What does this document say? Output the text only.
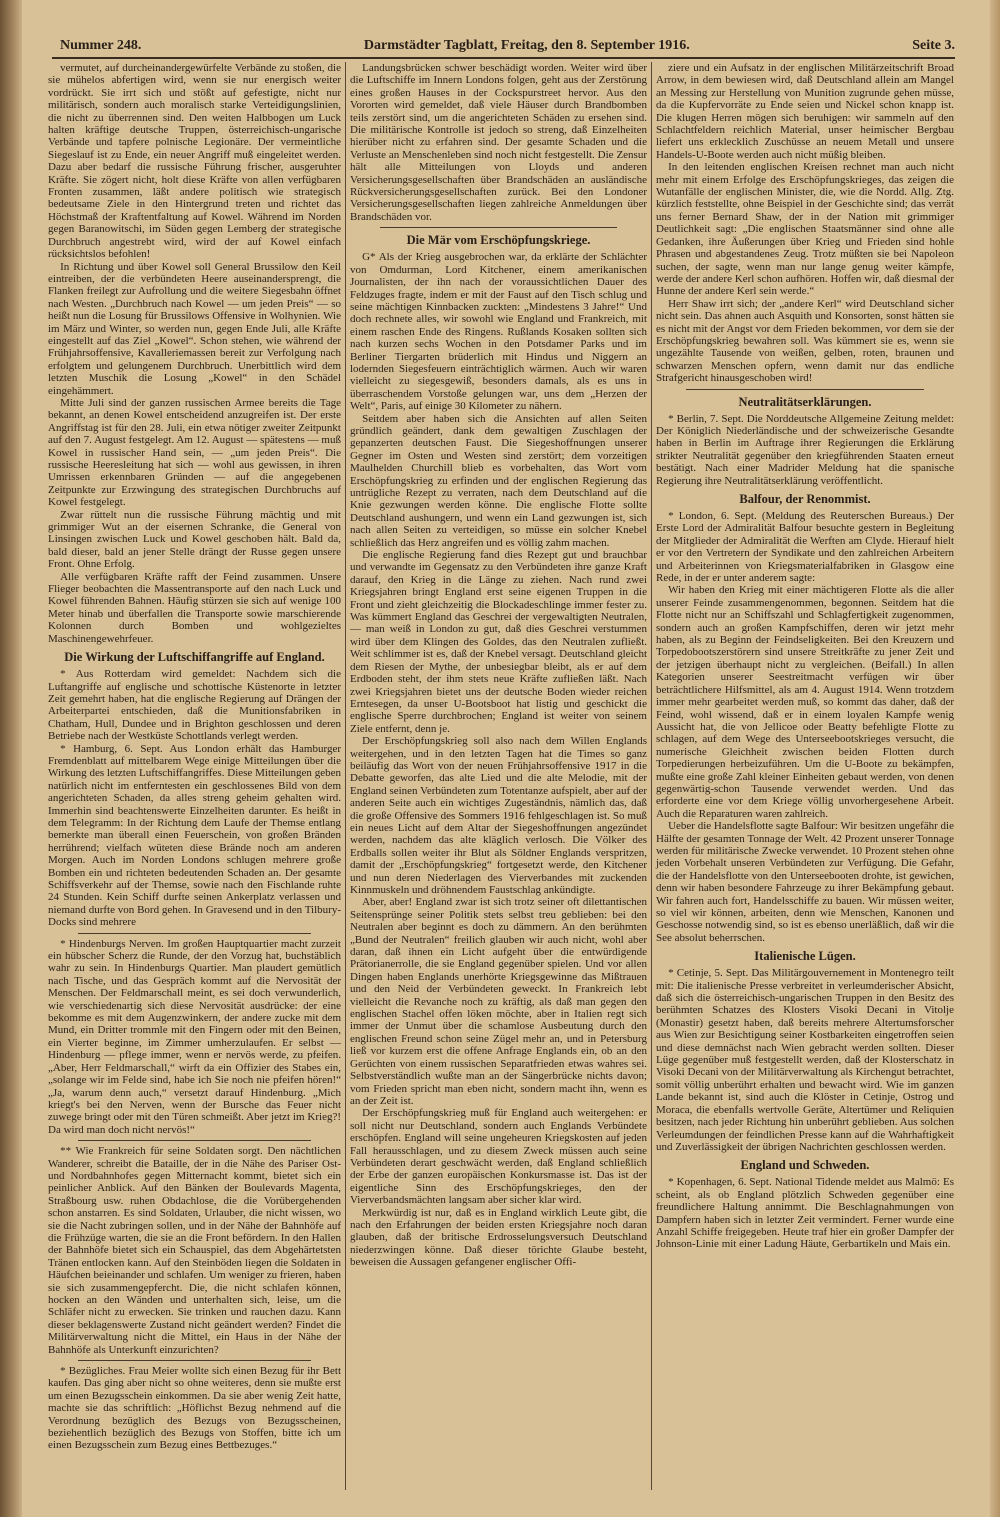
Nummer 248.	Darmstädter Tagblatt, Freitag, den 8. September 1916.	Seite 3.

vermutet, auf durcheinandergewürfelte Verbände zu stoßen, die sie mühelos abfertigen wird, wenn sie nur energisch weiter vordrückt. Sie irrt sich und stößt auf gefestigte, nicht nur militärisch, sondern auch moralisch starke Verteidigungslinien, die nicht zu überrennen sind. Den weiten Halbbogen um Luck halten kräftige deutsche Truppen, österreichisch-ungarische Verbände und tapfere polnische Legionäre. Der vermeintliche Siegeslauf ist zu Ende, ein neuer Angriff muß eingeleitet werden. Dazu aber bedarf die russische Führung frischer, ausgeruhter Kräfte. Sie zögert nicht, holt diese Kräfte von allen verfügbaren Fronten zusammen, läßt andere politisch wie strategisch bedeutsame Ziele in den Hintergrund treten und richtet das Höchstmaß der Kraftentfaltung auf Kowel. Während im Norden gegen Baranowitschi, im Süden gegen Lemberg der strategische Durchbruch angestrebt wird, wird der auf Kowel einfach rücksichtslos befohlen!

In Richtung und über Kowel soll General Brussilow den Keil eintreiben, der die verbündeten Heere auseinandersprengt, die Flanken freilegt zur Aufrollung und die weitere Siegesbahn öffnet nach Westen. „Durchbruch nach Kowel — um jeden Preis“ — so heißt nun die Losung für Brussilows Offensive in Wolhynien. Wie im März und Winter, so werden nun, gegen Ende Juli, alle Kräfte eingestellt auf das Ziel „Kowel“. Schon stehen, wie während der Frühjahrsoffensive, Kavalleriemassen bereit zur Verfolgung nach erfolgtem und gelungenem Durchbruch. Unerbittlich wird dem letzten Muschik die Losung „Kowel“ in den Schädel eingehämmert.

Mitte Juli sind der ganzen russischen Armee bereits die Tage bekannt, an denen Kowel entscheidend anzugreifen ist. Der erste Angriffstag ist für den 28. Juli, ein etwa nötiger zweiter Zeitpunkt auf den 7. August festgelegt. Am 12. August — spätestens — muß Kowel in russischer Hand sein, — „um jeden Preis“. Die russische Heeresleitung hat sich — wohl aus gewissen, in ihren Umrissen erkennbaren Gründen — auf die angegebenen Zeitpunkte zur Erzwingung des strategischen Durchbruchs auf Kowel festgelegt.

Zwar rüttelt nun die russische Führung mächtig und mit grimmiger Wut an der eisernen Schranke, die General von Linsingen zwischen Luck und Kowel geschoben hält. Bald da, bald dieser, bald an jener Stelle drängt der Russe gegen unsere Front. Ohne Erfolg.

Alle verfügbaren Kräfte rafft der Feind zusammen. Unsere Flieger beobachten die Massentransporte auf den nach Luck und Kowel führenden Bahnen. Häufig stürzen sie sich auf wenige 100 Meter hinab und überfallen die Transporte sowie marschierende Kolonnen durch Bomben und wohlgezieltes Maschinengewehrfeuer.

Die Wirkung der Luftschiffangriffe auf England.

* Aus Rotterdam wird gemeldet: Nachdem sich die Luftangriffe auf englische und schottische Küstenorte in letzter Zeit gemehrt haben, hat die englische Regierung auf Drängen der Arbeiterpartei entschieden, daß die Munitionsfabriken in Chatham, Hull, Dundee und in Brighton geschlossen und deren Betriebe nach der Westküste Schottlands verlegt werden.

* Hamburg, 6. Sept. Aus London erhält das Hamburger Fremdenblatt auf mittelbarem Wege einige Mitteilungen über die Wirkung des letzten Luftschiffangriffes. Diese Mitteilungen geben natürlich nicht im entferntesten ein geschlossenes Bild von dem angerichteten Schaden, da alles streng geheim gehalten wird. Immerhin sind beachtenswerte Einzelheiten darunter. Es heißt in dem Telegramm: In der Richtung dem Laufe der Themse entlang bemerkte man überall einen Feuerschein, von großen Bränden herrührend; vielfach wüteten diese Brände noch am anderen Morgen. Auch im Norden Londons schlugen mehrere große Bomben ein und richteten bedeutenden Schaden an. Der gesamte Schiffsverkehr auf der Themse, sowie nach den Fischlande ruhte 24 Stunden. Kein Schiff durfte seinen Ankerplatz verlassen und niemand durfte von Bord gehen. In Gravesend und in den Tilbury-Docks sind mehrere

* Hindenburgs Nerven. Im großen Hauptquartier macht zurzeit ein hübscher Scherz die Runde, der den Vorzug hat, buchstäblich wahr zu sein. In Hindenburgs Quartier. Man plaudert gemütlich nach Tische, und das Gespräch kommt auf die Nervosität der Menschen. Der Feldmarschall meint, es sei doch verwunderlich, wie verschiedenartig sich diese Nervosität ausdrücke: der eine bekomme es mit dem Augenzwinkern, der andere zucke mit dem Mund, ein Dritter trommle mit den Fingern oder mit den Beinen, ein Vierter beginne, im Zimmer umherzulaufen. Er selbst — Hindenburg — pflege immer, wenn er nervös werde, zu pfeifen. „Aber, Herr Feldmarschall,“ wirft da ein Offizier des Stabes ein, „solange wir im Felde sind, habe ich Sie noch nie pfeifen hören!“ „Ja, warum denn auch,“ versetzt darauf Hindenburg. „Mich kriegt's bei den Nerven, wenn der Bursche das Feuer nicht zuwege bringt oder mit den Türen schmeißt. Aber jetzt im Krieg?! Da wird man doch nicht nervös!“

** Wie Frankreich für seine Soldaten sorgt. Den nächtlichen Wanderer, schreibt die Bataille, der in die Nähe des Pariser Ost- und Nordbahnhofes gegen Mitternacht kommt, bietet sich ein peinlicher Anblick. Auf den Bänken der Boulevards Magenta, Straßbourg usw. ruhen Obdachlose, die die Vorübergehenden schon anstarren. Es sind Soldaten, Urlauber, die nicht wissen, wo sie die Nacht zubringen sollen, und in der Nähe der Bahnhöfe auf die Frühzüge warten, die sie an die Front befördern. In den Hallen der Bahnhöfe bietet sich ein Schauspiel, das dem Abgehärtetsten Tränen entlocken kann. Auf den Steinböden liegen die Soldaten in Häufchen beieinander und schlafen. Um weniger zu frieren, haben sie sich zusammengepfercht. Die, die nicht schlafen können, hocken an den Wänden und unterhalten sich, leise, um die Schläfer nicht zu erwecken. Sie trinken und rauchen dazu. Kann dieser beklagenswerte Zustand nicht geändert werden? Findet die Militärverwaltung nicht die Mittel, ein Haus in der Nähe der Bahnhöfe als Unterkunft einzurichten?

* Bezügliches. Frau Meier wollte sich einen Bezug für ihr Bett kaufen. Das ging aber nicht so ohne weiteres, denn sie mußte erst um einen Bezugsschein einkommen. Da sie aber wenig Zeit hatte, machte sie das schriftlich: „Höflichst Bezug nehmend auf die Verordnung bezüglich des Bezugs von Bezugsscheinen, beziehentlich bezüglich des Bezugs von Stoffen, bitte ich um einen Bezugsschein zum Bezug eines Bettbezuges.“

Landungsbrücken schwer beschädigt worden. Weiter wird über die Luftschiffe im Innern Londons folgen, geht aus der Zerstörung eines großen Hauses in der Cockspurstreet hervor. Aus den Vororten wird gemeldet, daß viele Häuser durch Brandbomben teils zerstört sind, um die angerichteten Schäden zu ersehen sind. Die militärische Kontrolle ist jedoch so streng, daß Einzelheiten hierüber nicht zu erfahren sind. Der gesamte Schaden und die Verluste an Menschenleben sind noch nicht festgestellt. Die Zensur hält alle Mitteilungen von Lloyds und anderen Versicherungsgesellschaften über Brandschäden an ausländische Rückversicherungsgesellschaften zurück. Bei den Londoner Versicherungsgesellschaften liegen zahlreiche Anmeldungen über Brandschäden vor.

Die Mär vom Erschöpfungskriege.

G* Als der Krieg ausgebrochen war, da erklärte der Schlächter von Omdurman, Lord Kitchener, einem amerikanischen Journalisten, der ihn nach der voraussichtlichen Dauer des Feldzuges fragte, indem er mit der Faust auf den Tisch schlug und seine mächtigen Kinnbacken zuckten: „Mindestens 3 Jahre!“ Und doch rechnete alles, wir sowohl wie England und Frankreich, mit einem raschen Ende des Ringens. Rußlands Kosaken sollten sich nach kurzen sechs Wochen in den Potsdamer Parks und im Berliner Tiergarten brüderlich mit Hindus und Niggern an lodernden Siegesfeuern einträchtiglich wärmen. Auch wir waren vielleicht zu siegesgewiß, besonders damals, als es uns in überraschendem Vorstoße gelungen war, uns dem „Herzen der Welt“, Paris, auf einige 30 Kilometer zu nähern.

Seitdem aber haben sich die Ansichten auf allen Seiten gründlich geändert, dank dem gewaltigen Zuschlagen der gepanzerten deutschen Faust. Die Siegeshoffnungen unserer Gegner im Osten und Westen sind zerstört; dem vorzeitigen Maulhelden Churchill blieb es vorbehalten, das Wort vom Erschöpfungskrieg zu erfinden und der englischen Regierung das untrügliche Rezept zu verraten, nach dem Deutschland auf die Knie gezwungen werden könne. Die englische Flotte sollte Deutschland aushungern, und wenn ein Land gezwungen ist, sich nach allen Seiten zu verteidigen, so müsse ein solcher Knebel schließlich das Herz angreifen und es völlig zahm machen.

Die englische Regierung fand dies Rezept gut und brauchbar und verwandte im Gegensatz zu den Verbündeten ihre ganze Kraft darauf, den Krieg in die Länge zu ziehen. Nach rund zwei Kriegsjahren bringt England erst seine eigenen Truppen in die Front und zieht gleichzeitig die Blockadeschlinge immer fester zu. Was kümmert England das Geschrei der vergewaltigten Neutralen, — man weiß in London zu gut, daß dies Geschrei verstummen wird über dem Klingen des Goldes, das den Neutralen zufließt. Weit schlimmer ist es, daß der Knebel versagt. Deutschland gleicht dem Riesen der Mythe, der unbesiegbar bleibt, als er auf dem Erdboden steht, der ihm stets neue Kräfte zufließen läßt. Nach zwei Kriegsjahren bietet uns der deutsche Boden wieder reichen Erntesegen, da unser U-Bootsboot hat listig und geschickt die englische Sperre durchbrochen; England ist weiter von seinem Ziele entfernt, denn je.

Der Erschöpfungskrieg soll also nach dem Willen Englands weitergehen, und in den letzten Tagen hat die Times so ganz beiläufig das Wort von der neuen Frühjahrsoffensive 1917 in die Debatte geworfen, das alte Lied und die alte Melodie, mit der England seinen Verbündeten zum Totentanze aufspielt, aber auf der anderen Seite auch ein wichtiges Zugeständnis, nämlich das, daß die große Offensive des Sommers 1916 fehlgeschlagen ist. So muß ein neues Licht auf dem Altar der Siegeshoffnungen angezündet werden, nachdem das alte kläglich verlosch. Die Völker des Erdballs sollen weiter ihr Blut als Söldner Englands verspritzen, damit der „Erschöpfungskrieg“ fortgesetzt werde, den Kitchener und nun deren Niederlagen des Vierverbandes mit zuckenden Kinnmuskeln und dröhnendem Faustschlag ankündigte.

Aber, aber! England zwar ist sich trotz seiner oft dilettantischen Seitensprünge seiner Politik stets selbst treu geblieben: bei den Neutralen aber beginnt es doch zu dämmern. An den berühmten „Bund der Neutralen“ freilich glauben wir auch nicht, wohl aber daran, daß ihnen ein Licht aufgeht über die entwürdigende Prätorianerrolle, die sie England gegenüber spielen. Und vor allen Dingen haben Englands unerhörte Kriegsgewinne das Mißtrauen und den Neid der Verbündeten geweckt. In Frankreich lebt vielleicht die Revanche noch zu kräftig, als daß man gegen den englischen Stachel offen löken möchte, aber in Italien regt sich immer der Unmut über die schamlose Ausbeutung durch den englischen Freund schon seine Zügel mehr an, und in Petersburg ließ vor kurzem erst die offene Anfrage Englands ein, ob an den Gerüchten von einem russischen Separatfrieden etwas wahres sei. Selbstverständlich wußte man an der Sängerbrücke nichts davon; vom Frieden spricht man eben nicht, sondern macht ihn, wenn es an der Zeit ist.

Der Erschöpfungskrieg muß für England auch weitergehen: er soll nicht nur Deutschland, sondern auch Englands Verbündete erschöpfen. England will seine ungeheuren Kriegskosten auf jeden Fall herausschlagen, und zu diesem Zweck müssen auch seine Verbündeten derart geschwächt werden, daß England schließlich der Erbe der ganzen europäischen Konkursmasse ist. Das ist der eigentliche Sinn des Erschöpfungskrieges, den der Vierverbandsmächten langsam aber sicher klar wird.

Merkwürdig ist nur, daß es in England wirklich Leute gibt, die nach den Erfahrungen der beiden ersten Kriegsjahre noch daran glauben, daß der britische Erdrosselungsversuch Deutschland niederzwingen könne. Daß dieser törichte Glaube besteht, beweisen die Aussagen gefangener englischer Offi-

ziere und ein Aufsatz in der englischen Militärzeitschrift Broad Arrow, in dem bewiesen wird, daß Deutschland allein am Mangel an Messing zur Herstellung von Munition zugrunde gehen müsse, da die Kupfervorräte zu Ende seien und Nickel schon knapp ist. Die klugen Herren mögen sich beruhigen: wir sammeln auf den Schlachtfeldern reichlich Material, unser heimischer Bergbau liefert uns erklecklich Zuschüsse an neuem Metall und unsere Handels-U-Boote werden auch nicht müßig bleiben.

In den leitenden englischen Kreisen rechnet man auch nicht mehr mit einem Erfolge des Erschöpfungskrieges, das zeigen die Wutanfälle der englischen Minister, die, wie die Nordd. Allg. Ztg. kürzlich feststellte, ohne Beispiel in der Geschichte sind; das verrät uns ferner Bernard Shaw, der in der Nation mit grimmiger Deutlichkeit sagt: „Die englischen Staatsmänner sind ohne alle Gedanken, ihre Äußerungen über Krieg und Frieden sind hohle Phrasen und abgestandenes Zeug. Trotz müßten sie bei Napoleon suchen, der sagte, wenn man nur lange genug weiter kämpfe, werde der andere Kerl schon aufhören. Hoffen wir, daß diesmal der Hunne der andere Kerl sein werde.“

Herr Shaw irrt sich; der „andere Kerl“ wird Deutschland sicher nicht sein. Das ahnen auch Asquith und Konsorten, sonst hätten sie es nicht mit der Angst vor dem Frieden bekommen, vor dem sie der Erschöpfungskrieg bewahren soll. Was kümmert sie es, wenn sie ungezählte Tausende von weißen, gelben, roten, braunen und schwarzen Menschen opfern, wenn damit nur das endliche Strafgericht hinausgeschoben wird!

Neutralitätserklärungen.

* Berlin, 7. Sept. Die Norddeutsche Allgemeine Zeitung meldet: Der Königlich Niederländische und der schweizerische Gesandte haben in Berlin im Auftrage ihrer Regierungen die Erklärung strikter Neutralität gegenüber den kriegführenden Staaten erneut bestätigt. Nach einer Madrider Meldung hat die spanische Regierung ihre Neutralitätserklärung veröffentlicht.

Balfour, der Renommist.

* London, 6. Sept. (Meldung des Reuterschen Bureaus.) Der Erste Lord der Admiralität Balfour besuchte gestern in Begleitung der Mitglieder der Admiralität die Werften am Clyde. Hierauf hielt er vor den Vertretern der Syndikate und den zahlreichen Arbeitern und Arbeiterinnen von Kriegsmaterialfabriken in Glasgow eine Rede, in der er unter anderem sagte:

Wir haben den Krieg mit einer mächtigeren Flotte als die aller unserer Feinde zusammengenommen, begonnen. Seitdem hat die Flotte nicht nur an Schiffszahl und Schlagfertigkeit zugenommen, sondern auch an großen Kampfschiffen, deren wir jetzt mehr haben, als zu Beginn der Feindseligkeiten. Bei den Kreuzern und Torpedobootszerstörern sind unsere Streitkräfte zu jener Zeit und der jetzigen überhaupt nicht zu vergleichen. (Beifall.) In allen Kategorien unserer Seestreitmacht verfügen wir über beträchtlichere Hilfsmittel, als am 4. August 1914. Wenn trotzdem immer mehr gearbeitet werden muß, so kommt das daher, daß der Feind, wohl wissend, daß er in einem loyalen Kampfe wenig Aussicht hat, die von Jellicoe oder Beatty befehligte Flotte zu schlagen, auf dem Wege des Unterseebootskrieges versucht, die numerische Gleichheit zwischen beiden Flotten durch Torpedierungen herbeizuführen. Um die U-Boote zu bekämpfen, mußte eine große Zahl kleiner Einheiten gebaut werden, von denen gegenwärtig-schon Tausende verwendet werden. Und das erforderte eine vor dem Kriege völlig unvorhergesehene Arbeit. Auch die Reparaturen waren zahlreich.

Ueber die Handelsflotte sagte Balfour: Wir besitzen ungefähr die Hälfte der gesamten Tonnage der Welt. 42 Prozent unserer Tonnage werden für militärische Zwecke verwendet. 10 Prozent stehen ohne jeden Vorbehalt unseren Verbündeten zur Verfügung. Die Gefahr, die der Handelsflotte von den Unterseebooten drohte, ist gewichen, denn wir haben besondere Fahrzeuge zu ihrer Bekämpfung gebaut. Wir fahren auch fort, Handelsschiffe zu bauen. Wir müssen weiter, so viel wir können, arbeiten, denn wie Menschen, Kanonen und Geschosse notwendig sind, so ist es ebenso unerläßlich, daß wir die See absolut beherrschen.

Italienische Lügen.

* Cetinje, 5. Sept. Das Militärgouvernement in Montenegro teilt mit: Die italienische Presse verbreitet in verleumderischer Absicht, daß sich die österreichisch-ungarischen Truppen in den Besitz des berühmten Schatzes des Klosters Visoki Decani in Vitolje (Monastir) gesetzt haben, daß bereits mehrere Altertumsforscher aus Wien zur Besichtigung seiner Kostbarkeiten eingetroffen seien und diese demnächst nach Wien gebracht werden sollten. Dieser Lüge gegenüber muß festgestellt werden, daß der Klosterschatz in Visoki Decani von der Militärverwaltung als Kirchengut betrachtet, somit völlig unberührt erhalten und bewacht wird. Wie im ganzen Lande bekannt ist, sind auch die Klöster in Cetinje, Ostrog und Moraca, die ebenfalls wertvolle Geräte, Altertümer und Reliquien besitzen, nach jeder Richtung hin unberührt geblieben. Aus solchen Verleumdungen der feindlichen Presse kann auf die Wahrhaftigkeit und Zuverlässigkeit der übrigen Nachrichten geschlossen werden.

England und Schweden.

* Kopenhagen, 6. Sept. National Tidende meldet aus Malmö: Es scheint, als ob England plötzlich Schweden gegenüber eine freundlichere Haltung annimmt. Die Beschlagnahmungen von Dampfern haben sich in letzter Zeit vermindert. Ferner wurde eine Anzahl Schiffe freigegeben. Heute traf hier ein großer Dampfer der Johnson-Linie mit einer Ladung Häute, Gerbartikeln und Mais ein.
